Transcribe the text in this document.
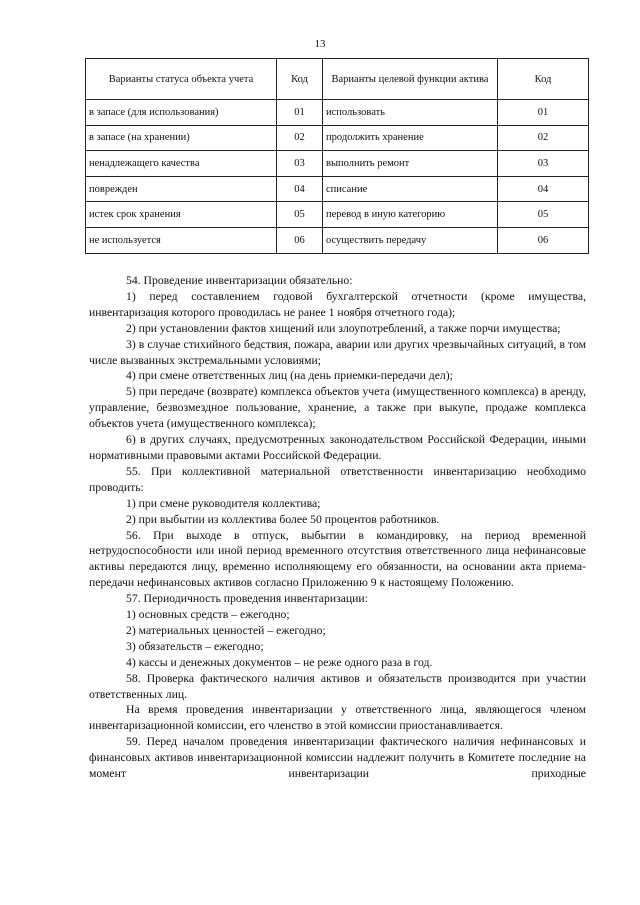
13
Варианты статуса объекта учета	Код	Варианты целевой функции актива	Код
в запасе (для использования)	01	использовать	01
в запасе (на хранении)	02	продолжить хранение	02
ненадлежащего качества	03	выполнить ремонт	03
поврежден	04	списание	04
истек срок хранения	05	перевод в иную категорию	05
не используется	06	осуществить передачу	06

54. Проведение инвентаризации обязательно:

1) перед составлением годовой бухгалтерской отчетности (кроме имущества, инвентаризация которого проводилась не ранее 1 ноября отчетного года);

2) при установлении фактов хищений или злоупотреблений, а также порчи имущества;

3) в случае стихийного бедствия, пожара, аварии или других чрезвычайных ситуаций, в том числе вызванных экстремальными условиями;

4) при смене ответственных лиц (на день приемки-передачи дел);

5) при передаче (возврате) комплекса объектов учета (имущественного комплекса) в аренду, управление, безвозмездное пользование, хранение, а также при выкупе, продаже комплекса объектов учета (имущественного комплекса);

6) в других случаях, предусмотренных законодательством Российской Федерации, иными нормативными правовыми актами Российской Федерации.

55. При коллективной материальной ответственности инвентаризацию необходимо проводить:

1) при смене руководителя коллектива;

2) при выбытии из коллектива более 50 процентов работников.

56. При выходе в отпуск, выбытии в командировку, на период временной нетрудоспособности или иной период временного отсутствия ответственного лица нефинансовые активы передаются лицу, временно исполняющему его обязанности, на основании акта приема-передачи нефинансовых активов согласно Приложению 9 к настоящему Положению.

57. Периодичность проведения инвентаризации:

1) основных средств – ежегодно;

2) материальных ценностей – ежегодно;

3) обязательств – ежегодно;

4) кассы и денежных документов – не реже одного раза в год.

58. Проверка фактического наличия активов и обязательств производится при участии ответственных лиц.

На время проведения инвентаризации у ответственного лица, являющегося членом инвентаризационной комиссии, его членство в этой комиссии приостанавливается.

59. Перед началом проведения инвентаризации фактического наличия нефинансовых и финансовых активов инвентаризационной комиссии надлежит получить в Комитете последние на момент инвентаризации приходные
